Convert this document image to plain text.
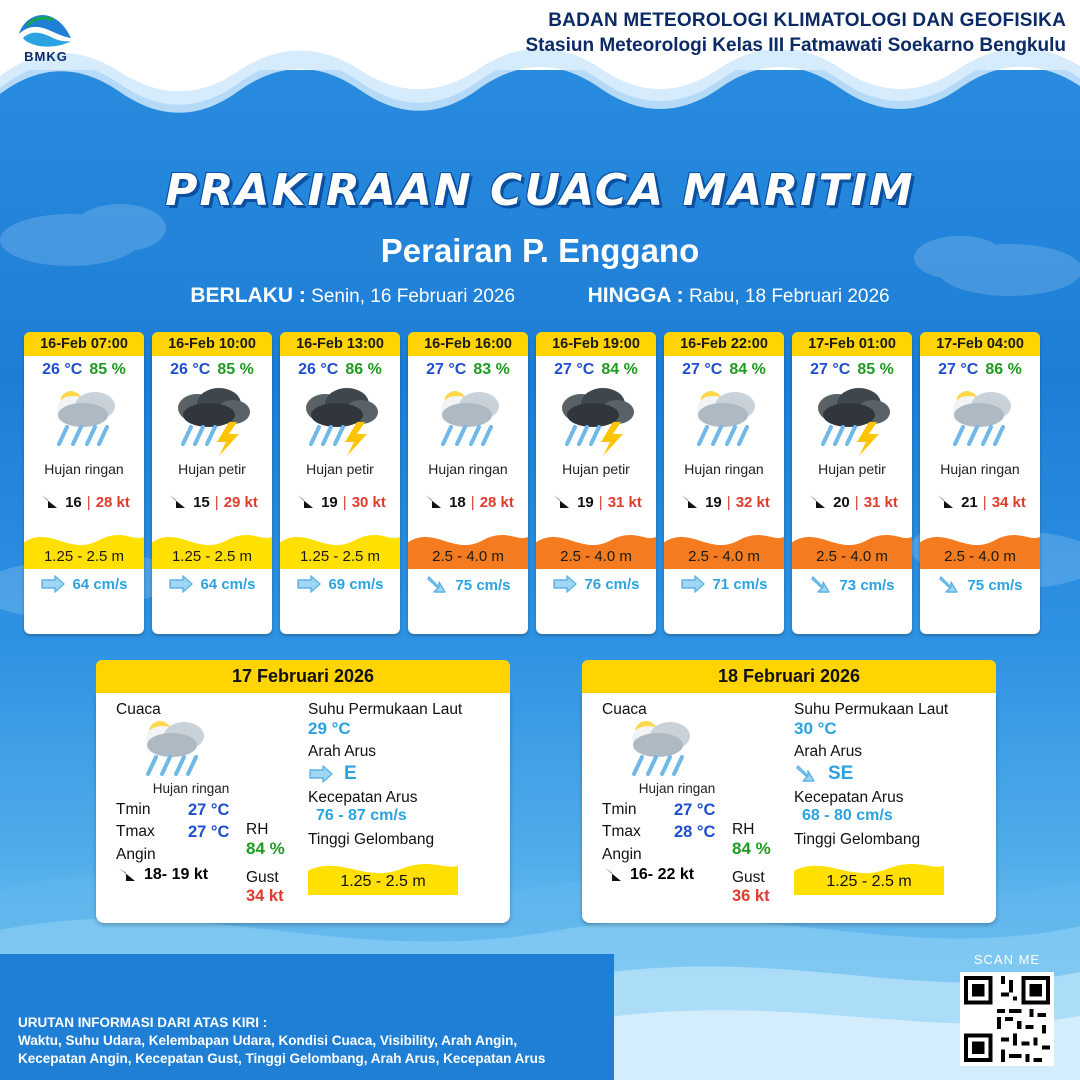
BMKG
BADAN METEOROLOGI KLIMATOLOGI DAN GEOFISIKA
Stasiun Meteorologi Kelas III Fatmawati Soekarno Bengkulu
PRAKIRAAN CUACA MARITIM
Perairan P. Enggano
BERLAKU : Senin, 16 Februari 2026	HINGGA : Rabu, 18 Februari 2026
16-Feb 07:00
26 °C 85 %
Hujan ringan
16 | 28 kt
1.25 - 2.5 m
64 cm/s
16-Feb 10:00
26 °C 85 %
Hujan petir
15 | 29 kt
1.25 - 2.5 m
64 cm/s
16-Feb 13:00
26 °C 86 %
Hujan petir
19 | 30 kt
1.25 - 2.5 m
69 cm/s
16-Feb 16:00
27 °C 83 %
Hujan ringan
18 | 28 kt
2.5 - 4.0 m
75 cm/s
16-Feb 19:00
27 °C 84 %
Hujan petir
19 | 31 kt
2.5 - 4.0 m
76 cm/s
16-Feb 22:00
27 °C 84 %
Hujan ringan
19 | 32 kt
2.5 - 4.0 m
71 cm/s
17-Feb 01:00
27 °C 85 %
Hujan petir
20 | 31 kt
2.5 - 4.0 m
73 cm/s
17-Feb 04:00
27 °C 86 %
Hujan ringan
21 | 34 kt
2.5 - 4.0 m
75 cm/s
17 Februari 2026
Cuaca
Hujan ringan
Tmin	27 °C
Tmax	27 °C
Angin
18- 19 kt
RH
84 %
Gust
34 kt
Suhu Permukaan Laut
29 °C
Arah Arus
E
Kecepatan Arus
76 - 87 cm/s
Tinggi Gelombang
1.25 - 2.5 m
18 Februari 2026
Cuaca
Hujan ringan
Tmin	27 °C
Tmax	28 °C
Angin
16- 22 kt
RH
84 %
Gust
36 kt
Suhu Permukaan Laut
30 °C
Arah Arus
SE
Kecepatan Arus
68 - 80 cm/s
Tinggi Gelombang
1.25 - 2.5 m
URUTAN INFORMASI DARI ATAS KIRI :
Waktu, Suhu Udara, Kelembapan Udara, Kondisi Cuaca, Visibility, Arah Angin,
Kecepatan Angin, Kecepatan Gust, Tinggi Gelombang, Arah Arus, Kecepatan Arus
SCAN ME
